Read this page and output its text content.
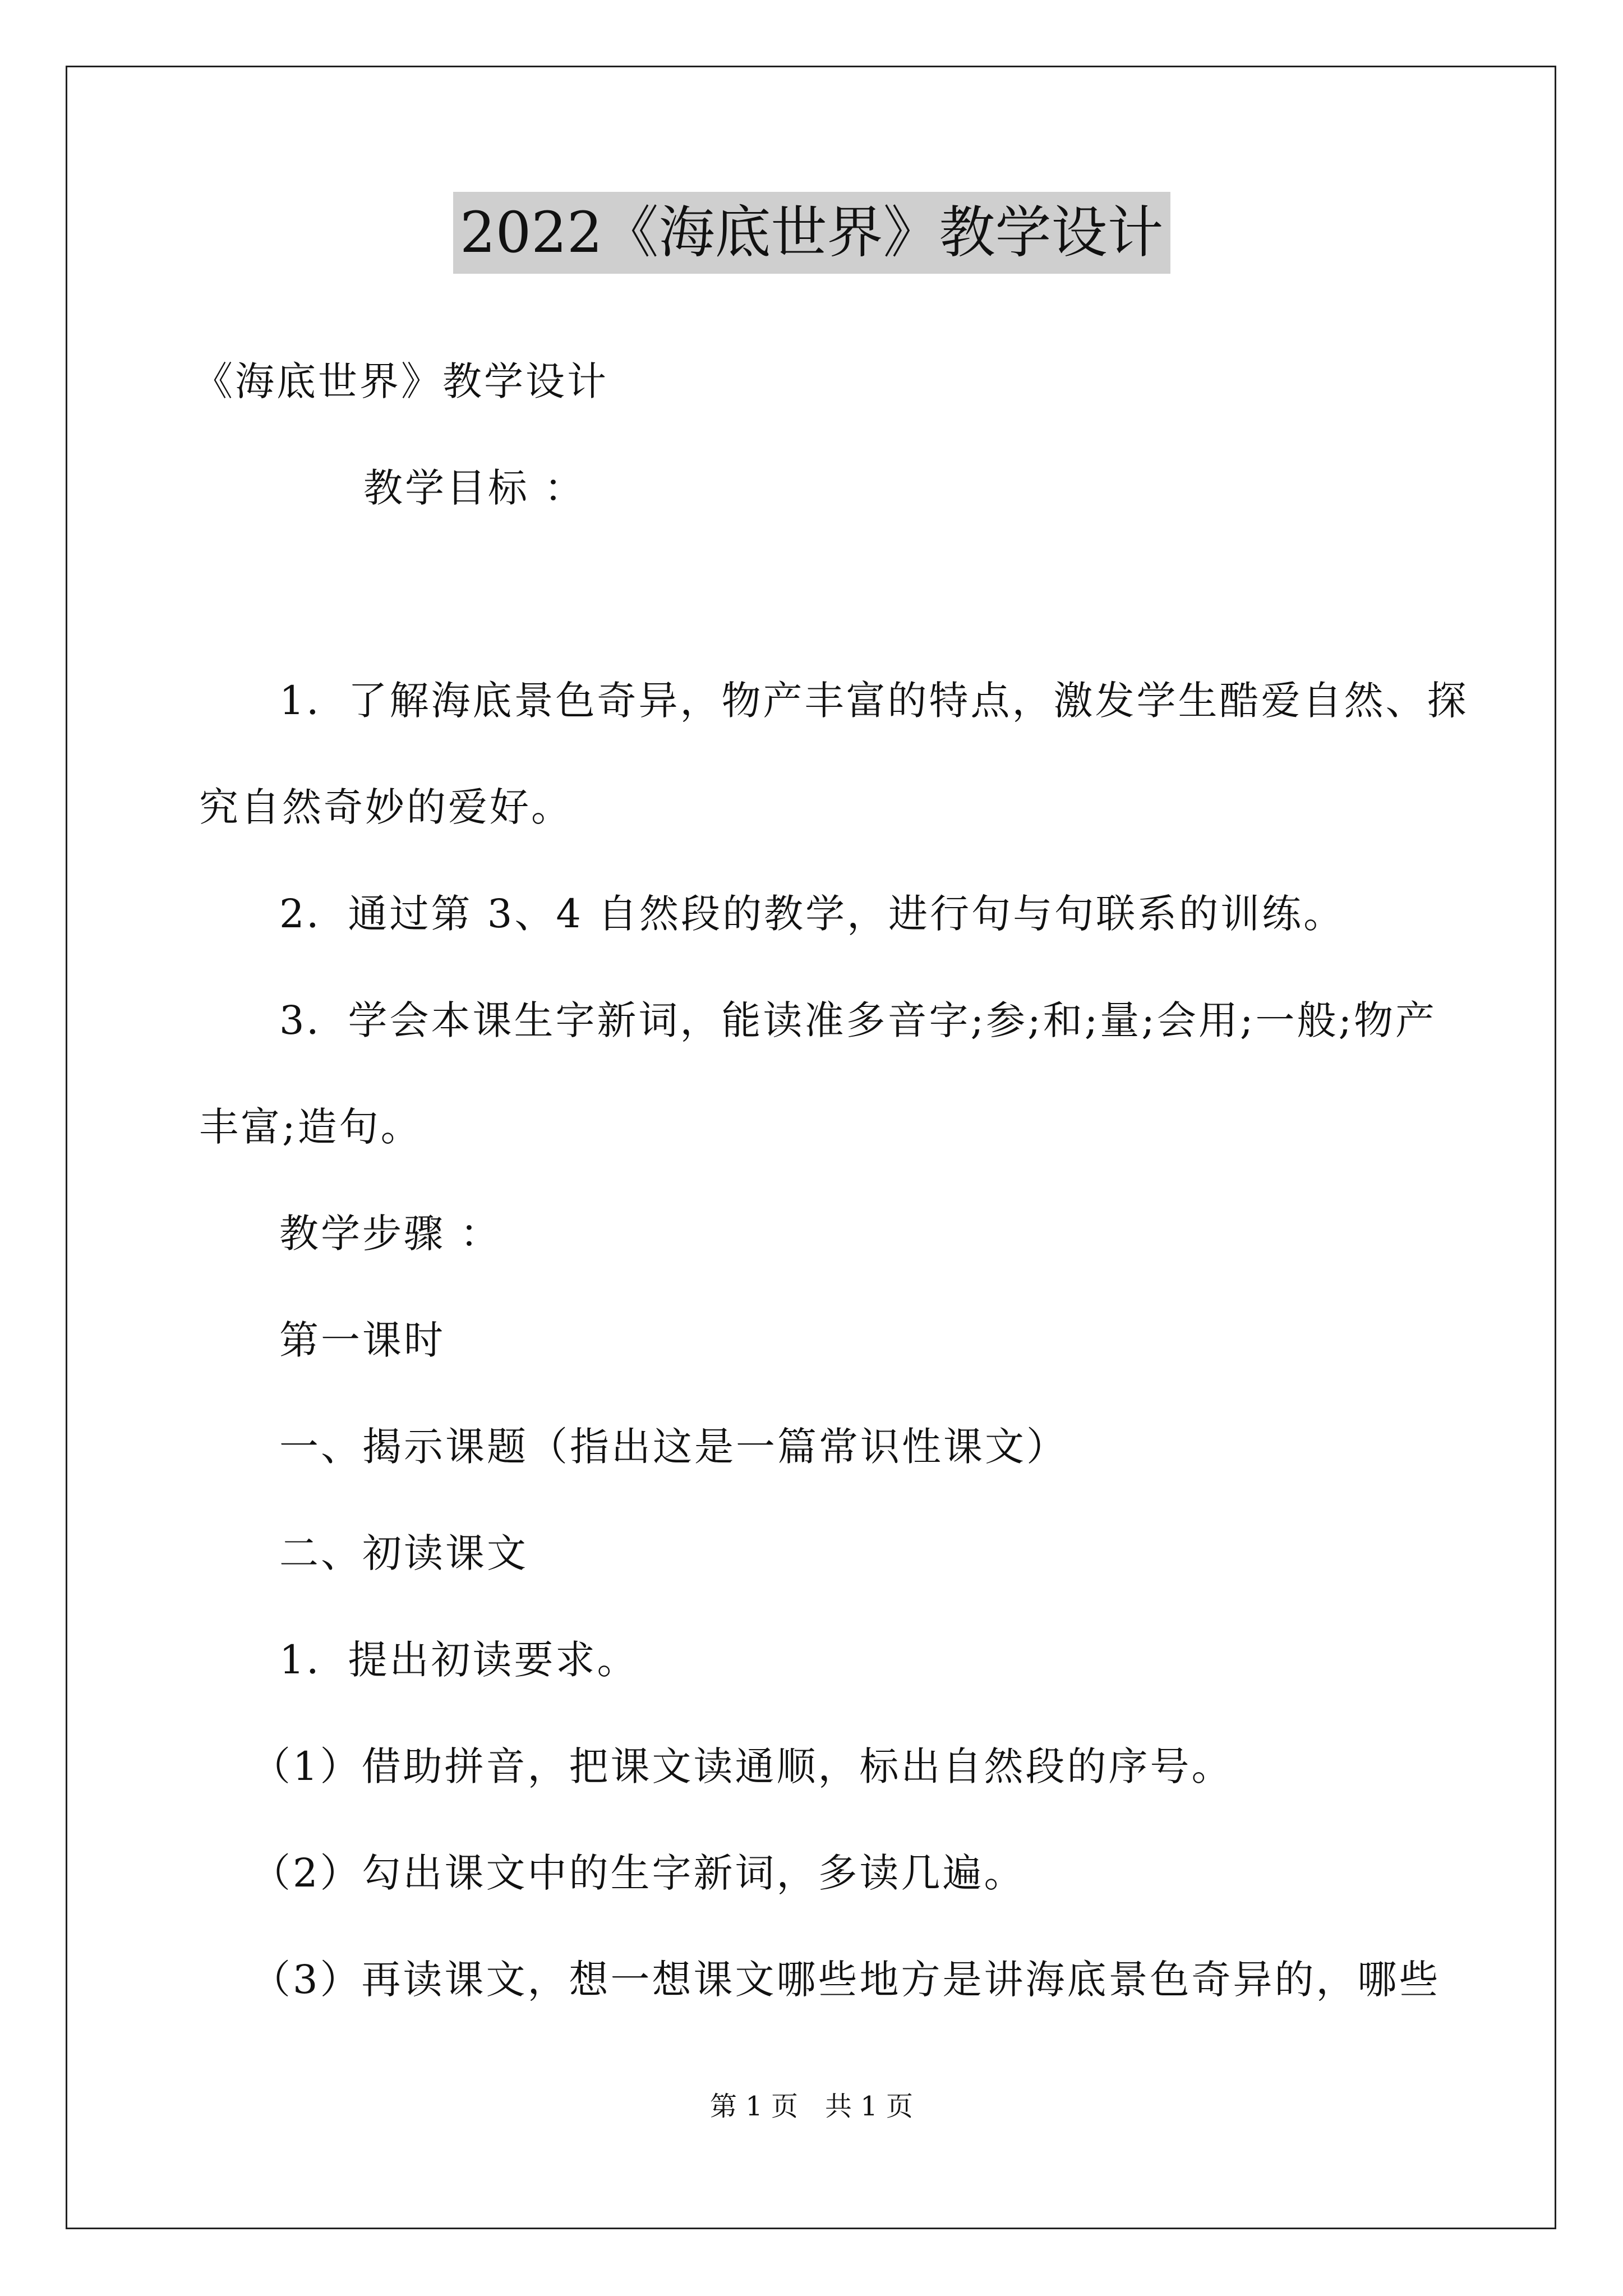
2022《海底世界》教学设计
《海底世界》教学设计
教学目标 ：
1．了解海底景色奇异，物产丰富的特点，激发学生酷爱自然、探
究自然奇妙的爱好。
2．通过第 3、4 自然段的教学，进行句与句联系的训练。
3．学会本课生字新词，能读准多音字;参;和;量;会用;一般;物产
丰富;造句。
教学步骤 ：
第一课时
一、揭示课题（指出这是一篇常识性课文）
二、初读课文
1．提出初读要求。
（1）借助拼音，把课文读通顺，标出自然段的序号。
（2）勾出课文中的生字新词，多读几遍。
（3）再读课文，想一想课文哪些地方是讲海底景色奇异的，哪些
第 1 页　共 1 页
